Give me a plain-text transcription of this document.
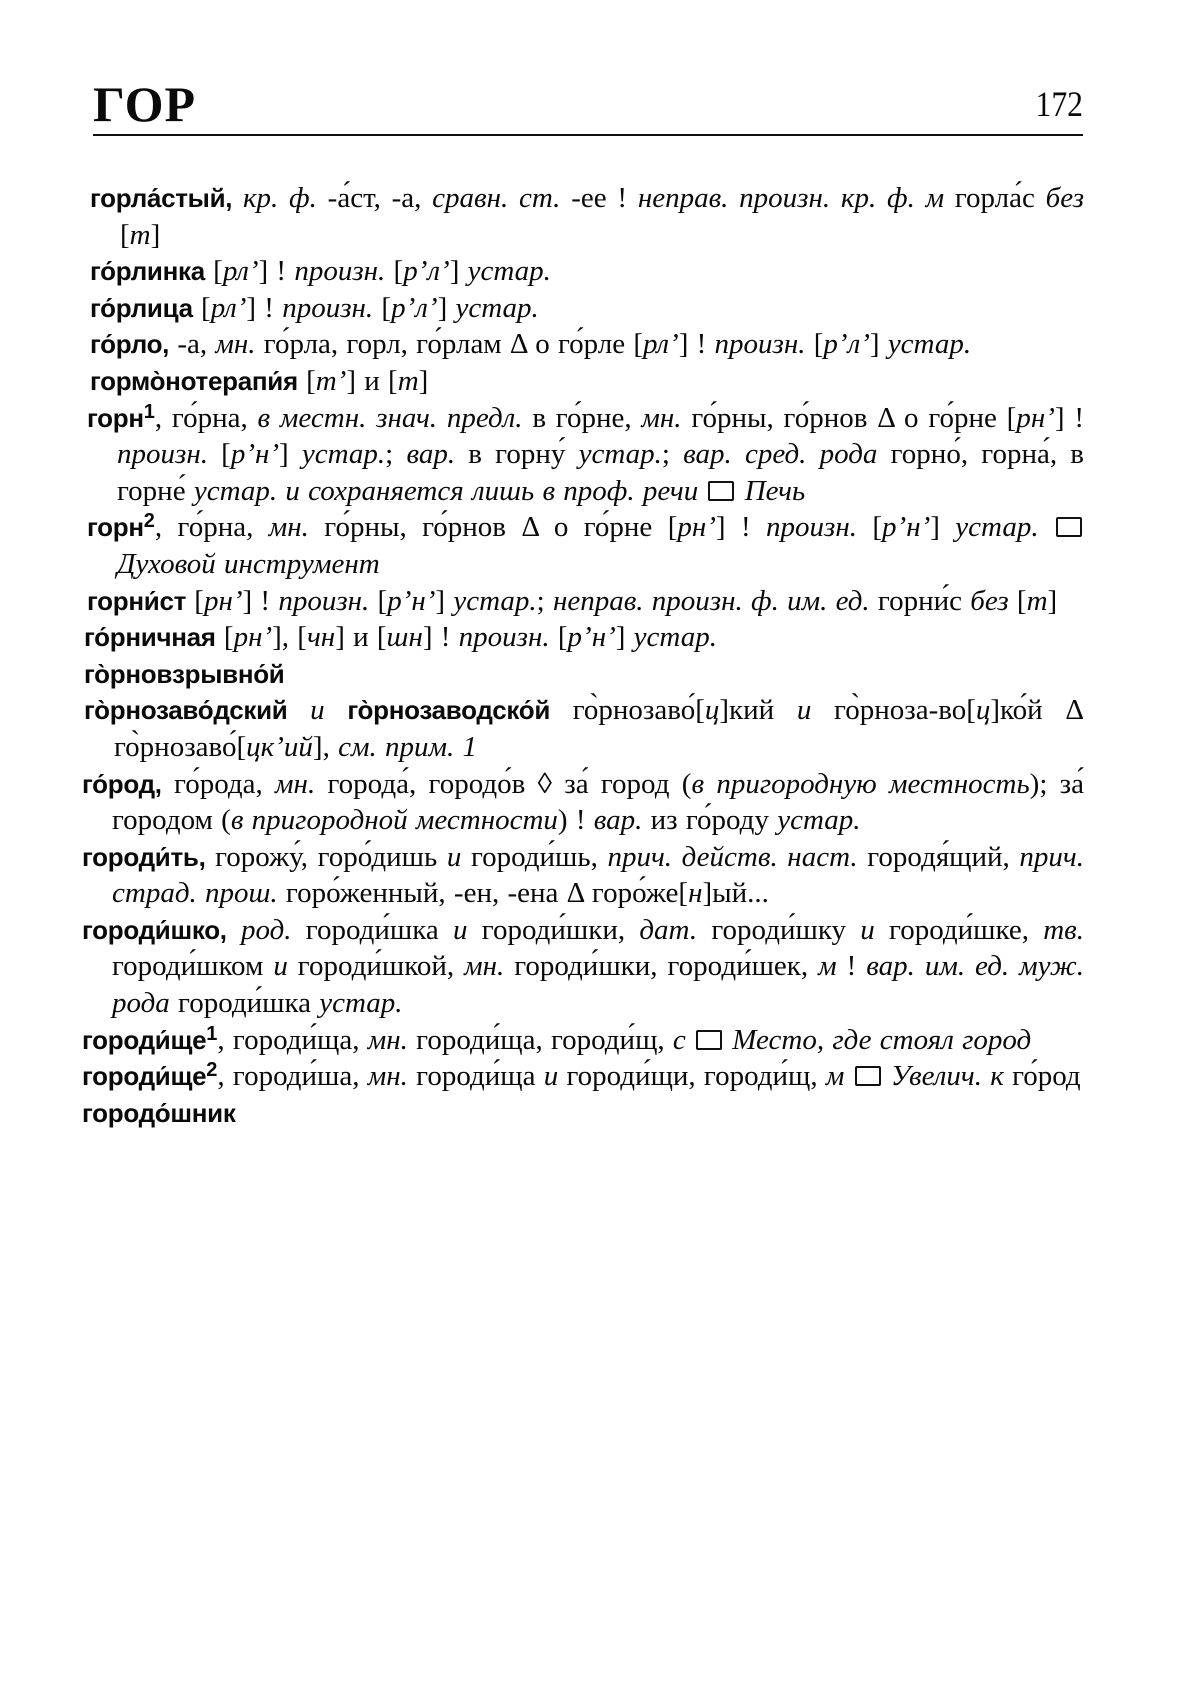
ГОР	172
горла́стый, кр. ф. -а́ст, -а, сравн. ст. -ее ! неправ. произн. кр. ф. м горла́с без [т]
го́рлинка [рлʼ] ! произн. [рʼлʼ] устар.
го́рлица [рлʼ] ! произн. [рʼлʼ] устар.
го́рло, -а, мн. го́рла, горл, го́рлам Δ о го́рле [рлʼ] ! произн. [рʼлʼ] устар.
гормо̀нотерапи́я [тʼ] и [т]
горн$^1$, го́рна, в местн. знач. предл. в го́рне, мн. го́рны, го́рнов Δ о го́рне [рнʼ] ! произн. [рʼнʼ] устар.; вар. в горну́ устар.; вар. сред. рода горно́, горна́, в горне́ устар. и сохраняется лишь в проф. речи Печь
горн$^2$, го́рна, мн. го́рны, го́рнов Δ о го́рне [рнʼ] ! произн. [рʼнʼ] устар.  Духовой инструмент
горни́ст [рнʼ] ! произн. [рʼнʼ] устар.; неправ. произн. ф. им. ед. горни́с без [т]
го́рничная [рнʼ], [чн] и [шн] ! произн. [рʼнʼ] устар.
го̀рновзрывно́й
го̀рнозаво́дский и го̀рнозаводско́й го̀рнозаво́[ц]кий и го̀рноза-во[ц]ко́й Δ го̀рнозаво́[цкʼий], см. прим. 1
го́род, го́рода, мн. города́, городо́в ◊ за́ город (в пригородную местность); за́ городом (в пригородной местности) ! вар. из го́роду устар.
городи́ть, горожу́, горо́дишь и городи́шь, прич. действ. наст. городя́щий, прич. страд. прош. горо́женный, -ен, -ена Δ горо́же[н]ый...
городи́шко, род. городи́шка и городи́шки, дат. городи́шку и городи́шке, тв. городи́шком и городи́шкой, мн. городи́шки, городи́шек, м ! вар. им. ед. муж. рода городи́шка устар.
$городи́ще^1$, городи́ща, мн. городи́ща, городи́щ, с Место, где стоял город
$городи́ще^2$, городи́ша, мн. городи́ща и городи́щи, городи́щ, м Увелич. к го́род
городо́шник
